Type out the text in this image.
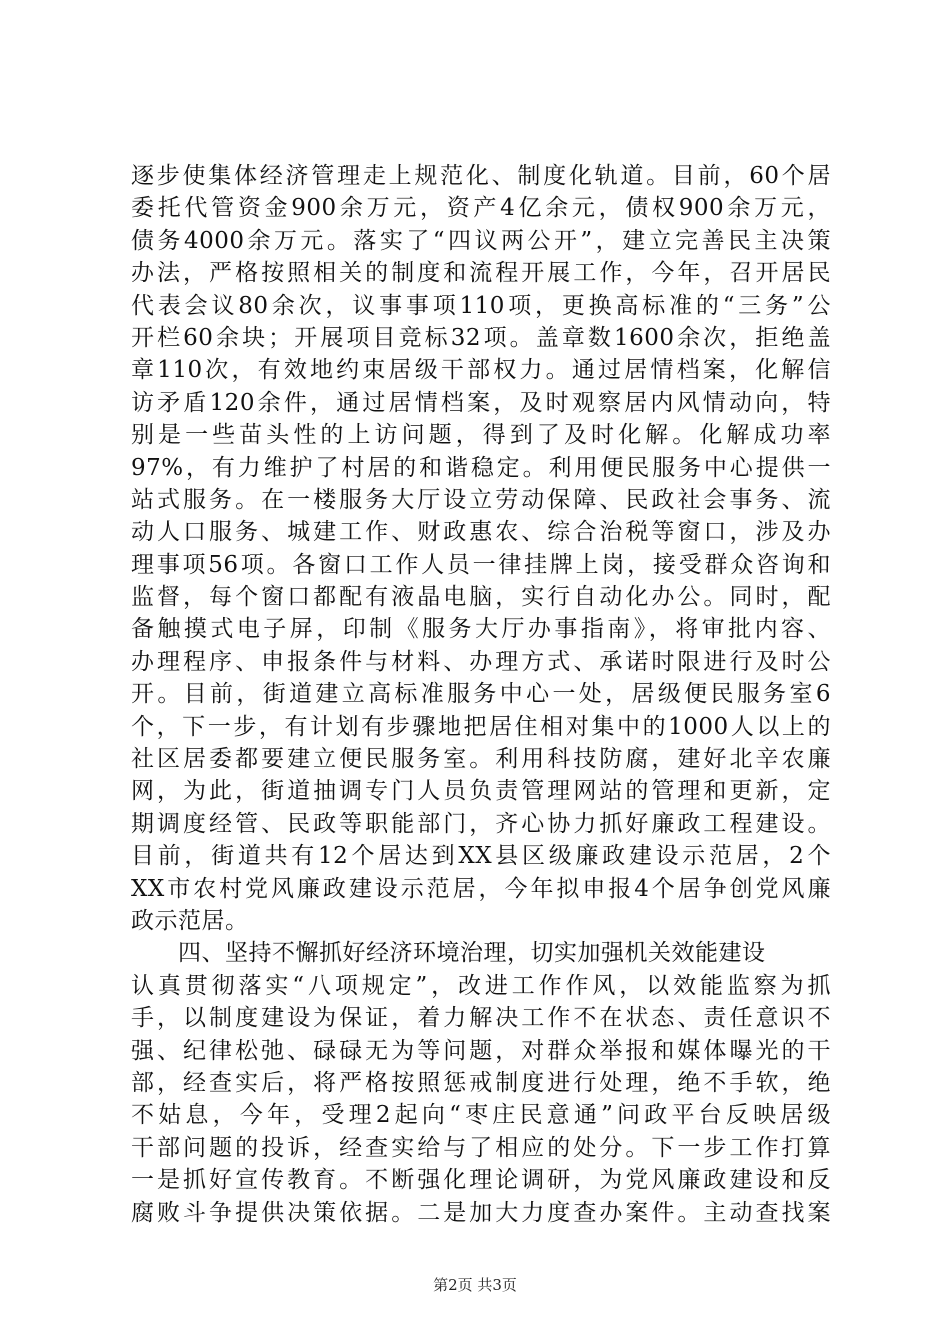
逐步使集体经济管理走上规范化、制度化轨道。目前，60个居
委托代管资金900余万元，资产4亿余元，债权900余万元，
债务4000余万元。落实了“四议两公开”，建立完善民主决策
办法，严格按照相关的制度和流程开展工作，今年，召开居民
代表会议80余次，议事事项110项，更换高标准的“三务”公
开栏60余块；开展项目竞标32项。盖章数1600余次，拒绝盖
章110次，有效地约束居级干部权力。通过居情档案，化解信
访矛盾120余件，通过居情档案，及时观察居内风情动向，特
别是一些苗头性的上访问题，得到了及时化解。化解成功率
97%，有力维护了村居的和谐稳定。利用便民服务中心提供一
站式服务。在一楼服务大厅设立劳动保障、民政社会事务、流
动人口服务、城建工作、财政惠农、综合治税等窗口，涉及办
理事项56项。各窗口工作人员一律挂牌上岗，接受群众咨询和
监督，每个窗口都配有液晶电脑，实行自动化办公。同时，配
备触摸式电子屏，印制《服务大厅办事指南》，将审批内容、
办理程序、申报条件与材料、办理方式、承诺时限进行及时公
开。目前，街道建立高标准服务中心一处，居级便民服务室6
个，下一步，有计划有步骤地把居住相对集中的1000人以上的
社区居委都要建立便民服务室。利用科技防腐，建好北辛农廉
网，为此，街道抽调专门人员负责管理网站的管理和更新，定
期调度经管、民政等职能部门，齐心协力抓好廉政工程建设。
目前，街道共有12个居达到XX县区级廉政建设示范居，2个
XX市农村党风廉政建设示范居，今年拟申报4个居争创党风廉
政示范居。
　　四、坚持不懈抓好经济环境治理，切实加强机关效能建设
认真贯彻落实“八项规定”，改进工作作风，以效能监察为抓
手，以制度建设为保证，着力解决工作不在状态、责任意识不
强、纪律松弛、碌碌无为等问题，对群众举报和媒体曝光的干
部，经查实后，将严格按照惩戒制度进行处理，绝不手软，绝
不姑息，今年，受理2起向“枣庄民意通”问政平台反映居级
干部问题的投诉，经查实给与了相应的处分。下一步工作打算
一是抓好宣传教育。不断强化理论调研，为党风廉政建设和反
腐败斗争提供决策依据。二是加大力度查办案件。主动查找案
第2页 共3页
